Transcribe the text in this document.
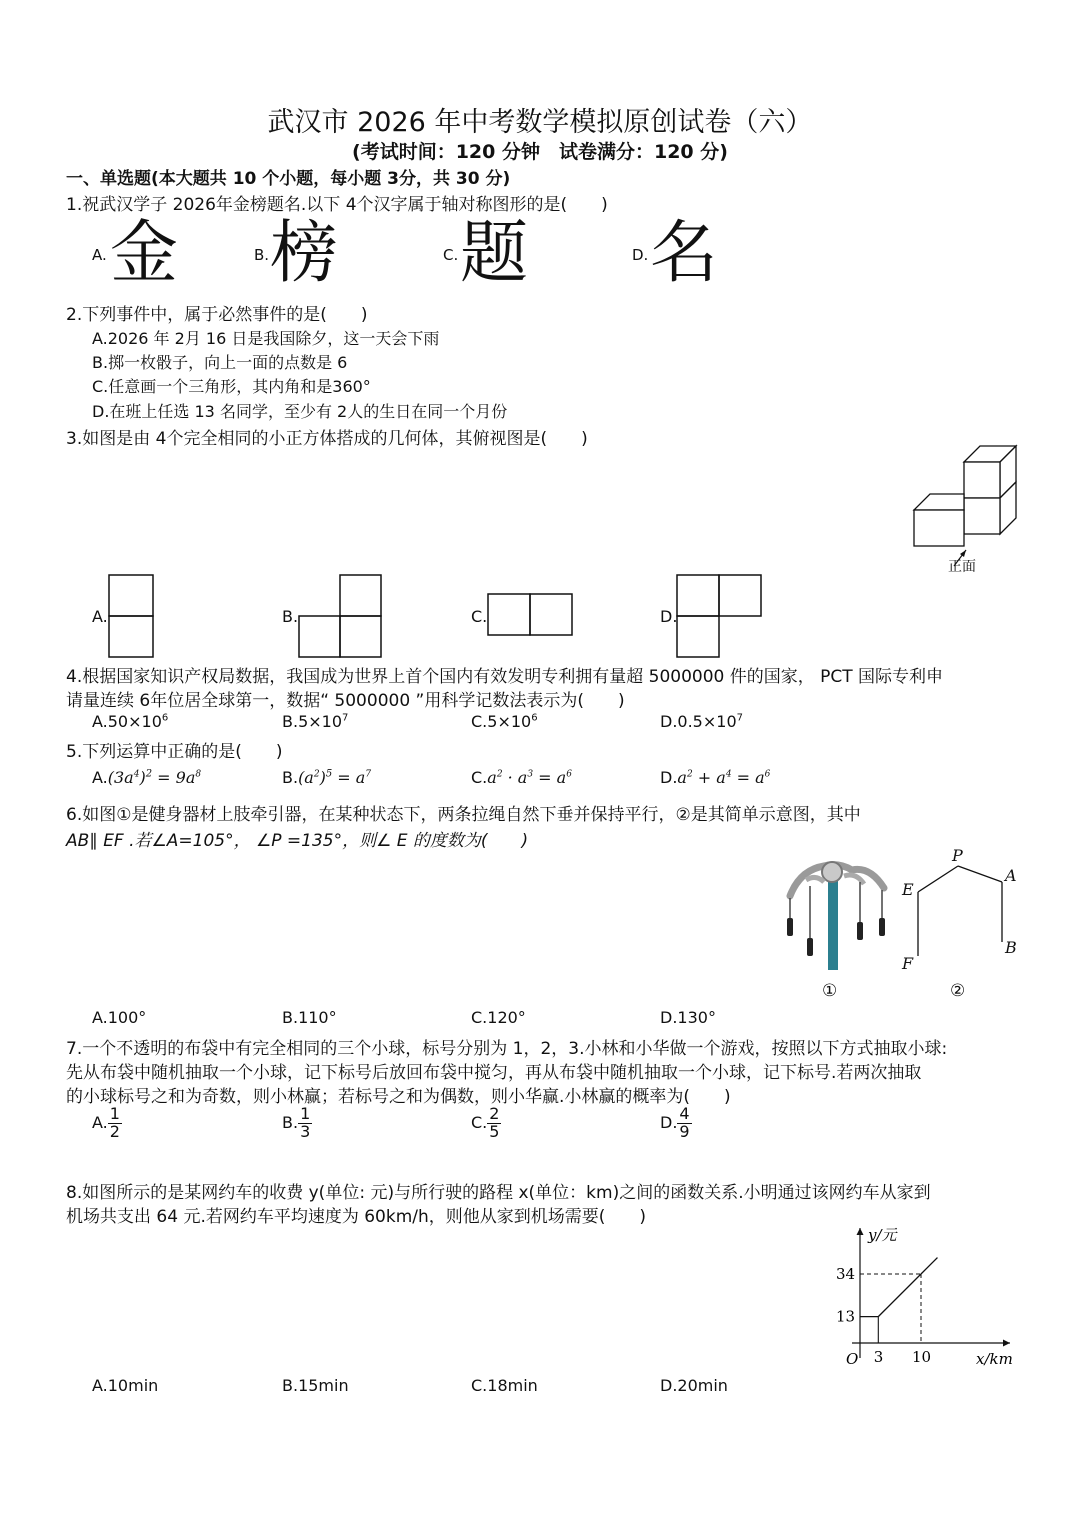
武汉市 2026 年中考数学模拟原创试卷（六）
(考试时间：120 分钟　试卷满分：120 分)
一、单选题(本大题共 10 个小题，每小题 3分，共 30 分)
1.祝武汉学子 2026年金榜题名.以下 4个汉字属于轴对称图形的是(　　)
A. 金	B. 榜	C. 题	D. 名
2.下列事件中，属于必然事件的是(　　)
A.2026 年 2月 16 日是我国除夕，这一天会下雨
B.掷一枚骰子，向上一面的点数是 6
C.任意画一个三角形，其内角和是360°
D.在班上任选 13 名同学，至少有 2人的生日在同一个月份
3.如图是由 4个完全相同的小正方体搭成的几何体，其俯视图是(　　)
正面
A.	B.	C.	D.
4.根据国家知识产权局数据，我国成为世界上首个国内有效发明专利拥有量超 5000000 件的国家， PCT 国际专利申
请量连续 6年位居全球第一，数据“ 5000000 ”用科学记数法表示为(　　)
$A.50\times 10^6$	$B.5\times 10^7$	$C.5\times 10^6$	$D.0.5\times 10^7$
5.下列运算中正确的是(　　)
$A.(3a^4)^2 = 9a^8$	$B.(a^2)^5 = a^7$	$C.a^2 \cdot a^3 = a^6$	$D.a^2 + a^4 = a^6$
6.如图①是健身器材上肢牵引器，在某种状态下，两条拉绳自然下垂并保持平行，②是其简单示意图，其中
AB∥ EF .若∠A=105°， ∠P =135°，则∠ E 的度数为(　　)
①
P
A
E
B
F
②
A.100°	B.110°	C.120°	D.130°
7.一个不透明的布袋中有完全相同的三个小球，标号分别为 1，2，3.小林和小华做一个游戏，按照以下方式抽取小球:
先从布袋中随机抽取一个小球，记下标号后放回布袋中搅匀，再从布袋中随机抽取一个小球，记下标号.若两次抽取
的小球标号之和为奇数，则小林赢；若标号之和为偶数，则小华赢.小林赢的概率为(　　)
A. $\frac{1}{2}$	B. $\frac{1}{3}$	C. $\frac{2}{5}$	D. $\frac{4}{9}$
8.如图所示的是某网约车的收费 y(单位: 元)与所行驶的路程 x(单位：km)之间的函数关系.小明通过该网约车从家到
机场共支出 64 元.若网约车平均速度为 60km/h，则他从家到机场需要(　　)
y/元
x/km
O 3 10
13
34
A.10min	B.15min	C.18min	D.20min
